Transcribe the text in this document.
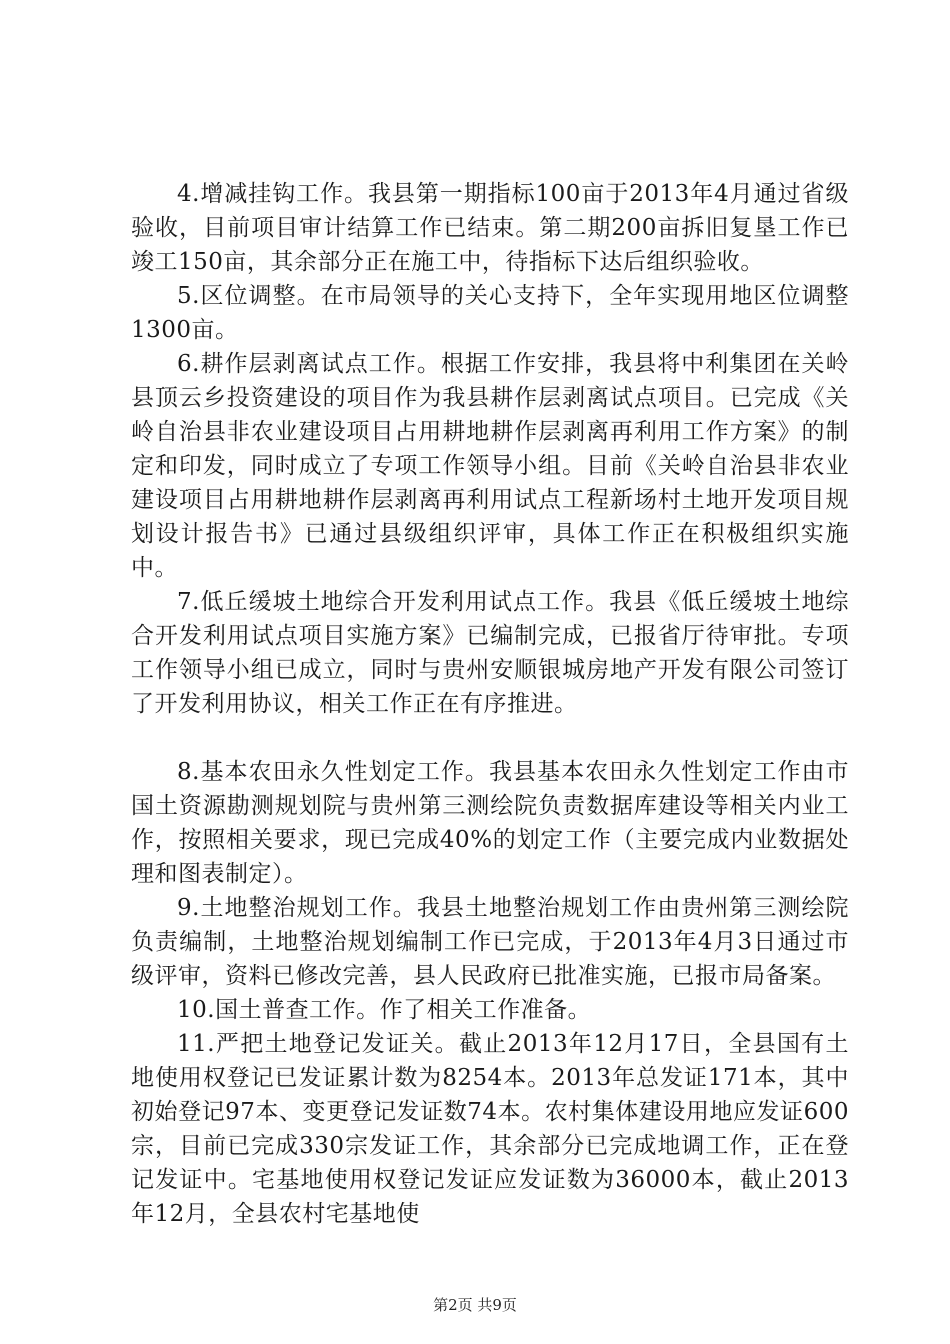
4.增减挂钩工作。我县第一期指标100亩于2013年4月通过省级验收，目前项目审计结算工作已结束。第二期200亩拆旧复垦工作已竣工150亩，其余部分正在施工中，待指标下达后组织验收。

5.区位调整。在市局领导的关心支持下，全年实现用地区位调整1300亩。

6.耕作层剥离试点工作。根据工作安排，我县将中利集团在关岭县顶云乡投资建设的项目作为我县耕作层剥离试点项目。已完成《关岭自治县非农业建设项目占用耕地耕作层剥离再利用工作方案》的制定和印发，同时成立了专项工作领导小组。目前《关岭自治县非农业建设项目占用耕地耕作层剥离再利用试点工程新场村土地开发项目规划设计报告书》已通过县级组织评审，具体工作正在积极组织实施中。

7.低丘缓坡土地综合开发利用试点工作。我县《低丘缓坡土地综合开发利用试点项目实施方案》已编制完成，已报省厅待审批。专项工作领导小组已成立，同时与贵州安顺银城房地产开发有限公司签订了开发利用协议，相关工作正在有序推进。

8.基本农田永久性划定工作。我县基本农田永久性划定工作由市国土资源勘测规划院与贵州第三测绘院负责数据库建设等相关内业工作，按照相关要求，现已完成40%的划定工作（主要完成内业数据处理和图表制定）。

9.土地整治规划工作。我县土地整治规划工作由贵州第三测绘院负责编制，土地整治规划编制工作已完成，于2013年4月3日通过市级评审，资料已修改完善，县人民政府已批准实施，已报市局备案。

10.国土普查工作。作了相关工作准备。

11.严把土地登记发证关。截止2013年12月17日，全县国有土地使用权登记已发证累计数为8254本。2013年总发证171本，其中初始登记97本、变更登记发证数74本。农村集体建设用地应发证600宗，目前已完成330宗发证工作，其余部分已完成地调工作，正在登记发证中。宅基地使用权登记发证应发证数为36000本，截止2013年12月，全县农村宅基地使

第2页 共9页
